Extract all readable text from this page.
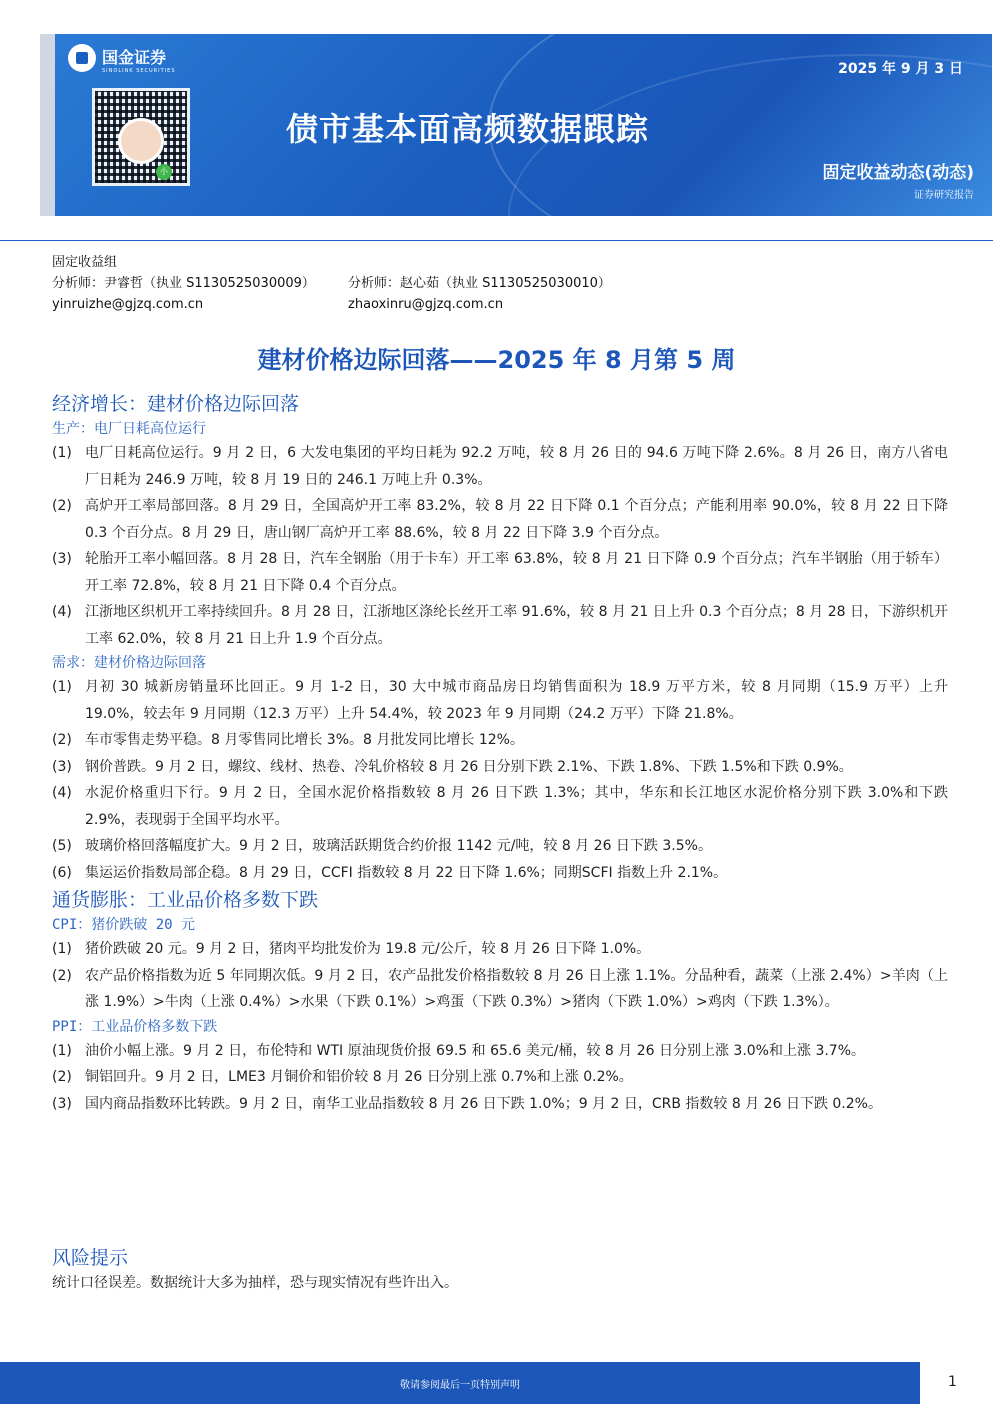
国金证券
SINOLINK SECURITIES
小
2025 年 9 月 3 日
债市基本面高频数据跟踪
固定收益动态(动态)
证券研究报告
固定收益组
分析师：尹睿哲（执业 S1130525030009）	分析师：赵心茹（执业 S1130525030010）
yinruizhe@gjzq.com.cn	zhaoxinru@gjzq.com.cn
建材价格边际回落——2025 年 8 月第 5 周
经济增长：建材价格边际回落
生产：电厂日耗高位运行
(1) 电厂日耗高位运行。9 月 2 日，6 大发电集团的平均日耗为 92.2 万吨，较 8 月 26 日的 94.6 万吨下降 2.6%。8 月 26 日，南方八省电厂日耗为 246.9 万吨，较 8 月 19 日的 246.1 万吨上升 0.3%。
(2) 高炉开工率局部回落。8 月 29 日，全国高炉开工率 83.2%，较 8 月 22 日下降 0.1 个百分点；产能利用率 90.0%，较 8 月 22 日下降 0.3 个百分点。8 月 29 日，唐山钢厂高炉开工率 88.6%，较 8 月 22 日下降 3.9 个百分点。
(3) 轮胎开工率小幅回落。8 月 28 日，汽车全钢胎（用于卡车）开工率 63.8%，较 8 月 21 日下降 0.9 个百分点；汽车半钢胎（用于轿车）开工率 72.8%，较 8 月 21 日下降 0.4 个百分点。
(4) 江浙地区织机开工率持续回升。8 月 28 日，江浙地区涤纶长丝开工率 91.6%，较 8 月 21 日上升 0.3 个百分点；8 月 28 日，下游织机开工率 62.0%，较 8 月 21 日上升 1.9 个百分点。
需求：建材价格边际回落
(1) 月初 30 城新房销量环比回正。9 月 1-2 日，30 大中城市商品房日均销售面积为 18.9 万平方米，较 8 月同期（15.9 万平）上升 19.0%，较去年 9 月同期（12.3 万平）上升 54.4%，较 2023 年 9 月同期（24.2 万平）下降 21.8%。
(2) 车市零售走势平稳。8 月零售同比增长 3%。8 月批发同比增长 12%。
(3) 钢价普跌。9 月 2 日，螺纹、线材、热卷、冷轧价格较 8 月 26 日分别下跌 2.1%、下跌 1.8%、下跌 1.5%和下跌 0.9%。
(4) 水泥价格重归下行。9 月 2 日，全国水泥价格指数较 8 月 26 日下跌 1.3%；其中，华东和长江地区水泥价格分别下跌 3.0%和下跌 2.9%，表现弱于全国平均水平。
(5) 玻璃价格回落幅度扩大。9 月 2 日，玻璃活跃期货合约价报 1142 元/吨，较 8 月 26 日下跌 3.5%。
(6) 集运运价指数局部企稳。8 月 29 日，CCFI 指数较 8 月 22 日下降 1.6%；同期SCFI 指数上升 2.1%。
通货膨胀：工业品价格多数下跌
CPI：猪价跌破 20 元
(1) 猪价跌破 20 元。9 月 2 日，猪肉平均批发价为 19.8 元/公斤，较 8 月 26 日下降 1.0%。
(2) 农产品价格指数为近 5 年同期次低。9 月 2 日，农产品批发价格指数较 8 月 26 日上涨 1.1%。分品种看，蔬菜（上涨 2.4%）>羊肉（上涨 1.9%）>牛肉（上涨 0.4%）>水果（下跌 0.1%）>鸡蛋（下跌 0.3%）>猪肉（下跌 1.0%）>鸡肉（下跌 1.3%）。
PPI：工业品价格多数下跌
(1) 油价小幅上涨。9 月 2 日，布伦特和 WTI 原油现货价报 69.5 和 65.6 美元/桶，较 8 月 26 日分别上涨 3.0%和上涨 3.7%。
(2) 铜铝回升。9 月 2 日，LME3 月铜价和铝价较 8 月 26 日分别上涨 0.7%和上涨 0.2%。
(3) 国内商品指数环比转跌。9 月 2 日，南华工业品指数较 8 月 26 日下跌 1.0%；9 月 2 日，CRB 指数较 8 月 26 日下跌 0.2%。
风险提示
统计口径误差。数据统计大多为抽样，恐与现实情况有些许出入。
敬请参阅最后一页特别声明	1
